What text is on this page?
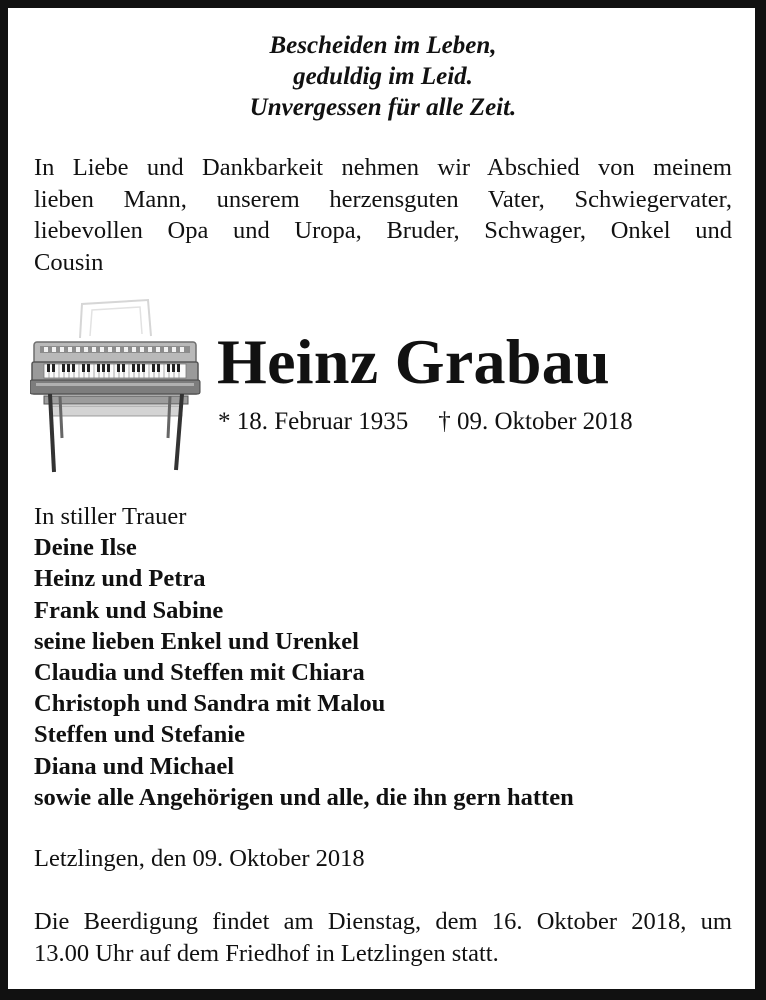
Bescheiden im Leben,
geduldig im Leid.
Unvergessen für alle Zeit.
In Liebe und Dankbarkeit nehmen wir Abschied von meinem
lieben Mann, unserem herzensguten Vater, Schwiegervater,
liebevollen Opa und Uropa, Bruder, Schwager, Onkel und
Cousin
Heinz Grabau
* 18. Februar 1935 † 09. Oktober 2018
In stiller Trauer
Deine Ilse
Heinz und Petra
Frank und Sabine
seine lieben Enkel und Urenkel
Claudia und Steffen mit Chiara
Christoph und Sandra mit Malou
Steffen und Stefanie
Diana und Michael
sowie alle Angehörigen und alle, die ihn gern hatten
Letzlingen, den 09. Oktober 2018
Die Beerdigung findet am Dienstag, dem 16. Oktober 2018, um
13.00 Uhr auf dem Friedhof in Letzlingen statt.
